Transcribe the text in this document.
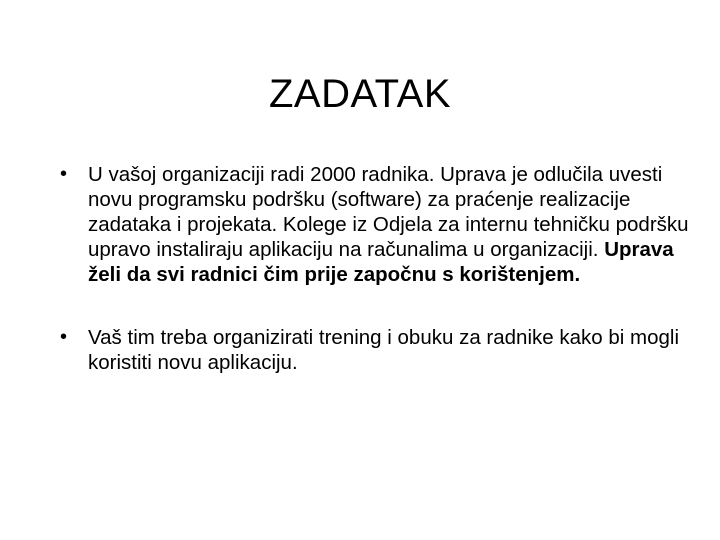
ZADATAK
• U vašoj organizaciji radi 2000 radnika. Uprava je odlučila uvesti novu programsku podršku (software) za praćenje realizacije zadataka i projekata. Kolege iz Odjela za internu tehničku podršku upravo instaliraju aplikaciju na računalima u organizaciji. Uprava želi da svi radnici čim prije započnu s korištenjem.
• Vaš tim treba organizirati trening i obuku za radnike kako bi mogli koristiti novu aplikaciju.
